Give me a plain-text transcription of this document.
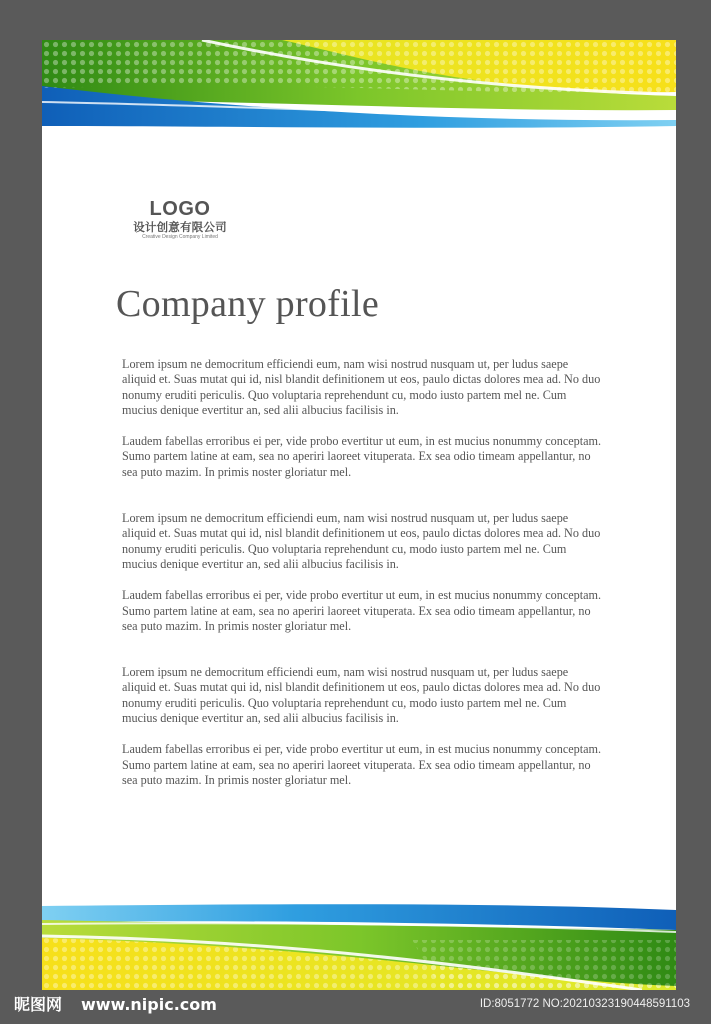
LOGO
设计创意有限公司
Creative Design Company Limited
Company profile

Lorem ipsum ne democritum efficiendi eum, nam wisi nostrud nusquam ut, per ludus saepe aliquid et. Suas mutat qui id, nisl blandit definitionem ut eos, paulo dictas dolores mea ad. No duo nonumy eruditi periculis. Quo voluptaria reprehendunt cu, modo iusto partem mel ne. Cum mucius denique evertitur an, sed alii albucius facilisis in.

Laudem fabellas erroribus ei per, vide probo evertitur ut eum, in est mucius nonummy conceptam. Sumo partem latine at eam, sea no aperiri laoreet vituperata. Ex sea odio timeam appellantur, no sea puto mazim. In primis noster gloriatur mel.

Lorem ipsum ne democritum efficiendi eum, nam wisi nostrud nusquam ut, per ludus saepe aliquid et. Suas mutat qui id, nisl blandit definitionem ut eos, paulo dictas dolores mea ad. No duo nonumy eruditi periculis. Quo voluptaria reprehendunt cu, modo iusto partem mel ne. Cum mucius denique evertitur an, sed alii albucius facilisis in.

Laudem fabellas erroribus ei per, vide probo evertitur ut eum, in est mucius nonummy conceptam. Sumo partem latine at eam, sea no aperiri laoreet vituperata. Ex sea odio timeam appellantur, no sea puto mazim. In primis noster gloriatur mel.

Lorem ipsum ne democritum efficiendi eum, nam wisi nostrud nusquam ut, per ludus saepe aliquid et. Suas mutat qui id, nisl blandit definitionem ut eos, paulo dictas dolores mea ad. No duo nonumy eruditi periculis. Quo voluptaria reprehendunt cu, modo iusto partem mel ne. Cum mucius denique evertitur an, sed alii albucius facilisis in.

Laudem fabellas erroribus ei per, vide probo evertitur ut eum, in est mucius nonummy conceptam. Sumo partem latine at eam, sea no aperiri laoreet vituperata. Ex sea odio timeam appellantur, no sea puto mazim. In primis noster gloriatur mel.

昵图网 www.nipic.com	ID:8051772 NO:20210323190448591103
